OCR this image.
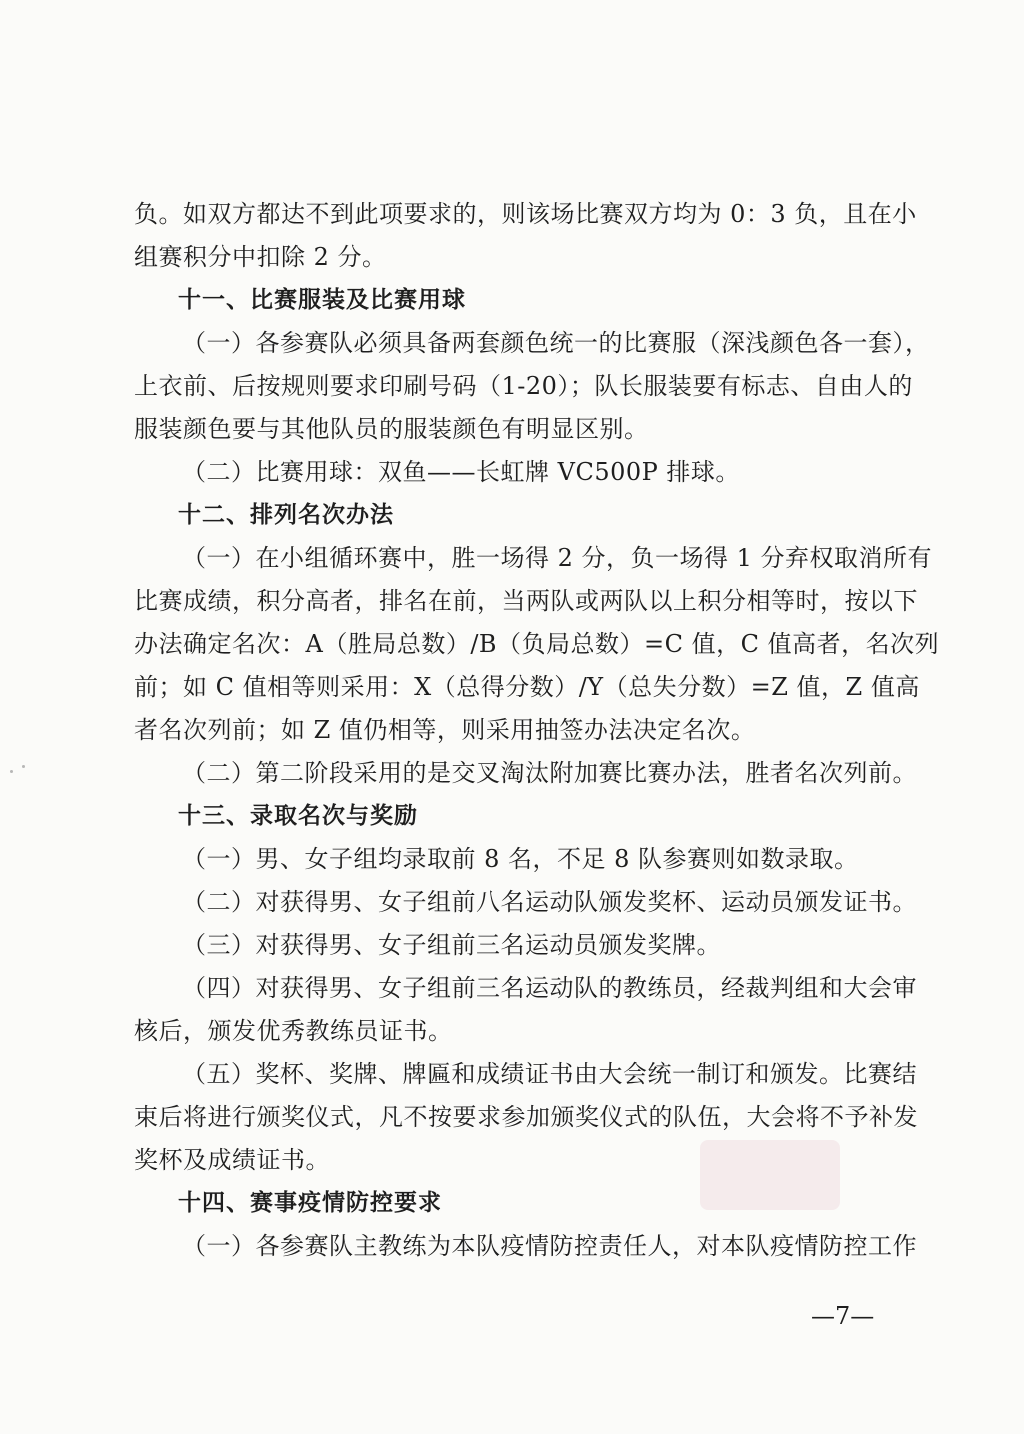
负。如双方都达不到此项要求的，则该场比赛双方均为 0：3 负，且在小
组赛积分中扣除 2 分。
十一、比赛服装及比赛用球
（一）各参赛队必须具备两套颜色统一的比赛服（深浅颜色各一套），
上衣前、后按规则要求印刷号码（1-20）；队长服装要有标志、自由人的
服装颜色要与其他队员的服装颜色有明显区别。
（二）比赛用球：双鱼——长虹牌 VC500P 排球。
十二、排列名次办法
（一）在小组循环赛中，胜一场得 2 分，负一场得 1 分弃权取消所有
比赛成绩，积分高者，排名在前，当两队或两队以上积分相等时，按以下
办法确定名次：A（胜局总数）/B（负局总数）=C 值，C 值高者，名次列
前；如 C 值相等则采用：X（总得分数）/Y（总失分数）=Z 值，Z 值高
者名次列前；如 Z 值仍相等，则采用抽签办法决定名次。
（二）第二阶段采用的是交叉淘汰附加赛比赛办法，胜者名次列前。
十三、录取名次与奖励
（一）男、女子组均录取前 8 名，不足 8 队参赛则如数录取。
（二）对获得男、女子组前八名运动队颁发奖杯、运动员颁发证书。
（三）对获得男、女子组前三名运动员颁发奖牌。
（四）对获得男、女子组前三名运动队的教练员，经裁判组和大会审
核后，颁发优秀教练员证书。
（五）奖杯、奖牌、牌匾和成绩证书由大会统一制订和颁发。比赛结
束后将进行颁奖仪式，凡不按要求参加颁奖仪式的队伍，大会将不予补发
奖杯及成绩证书。
十四、赛事疫情防控要求
（一）各参赛队主教练为本队疫情防控责任人，对本队疫情防控工作
—7—
